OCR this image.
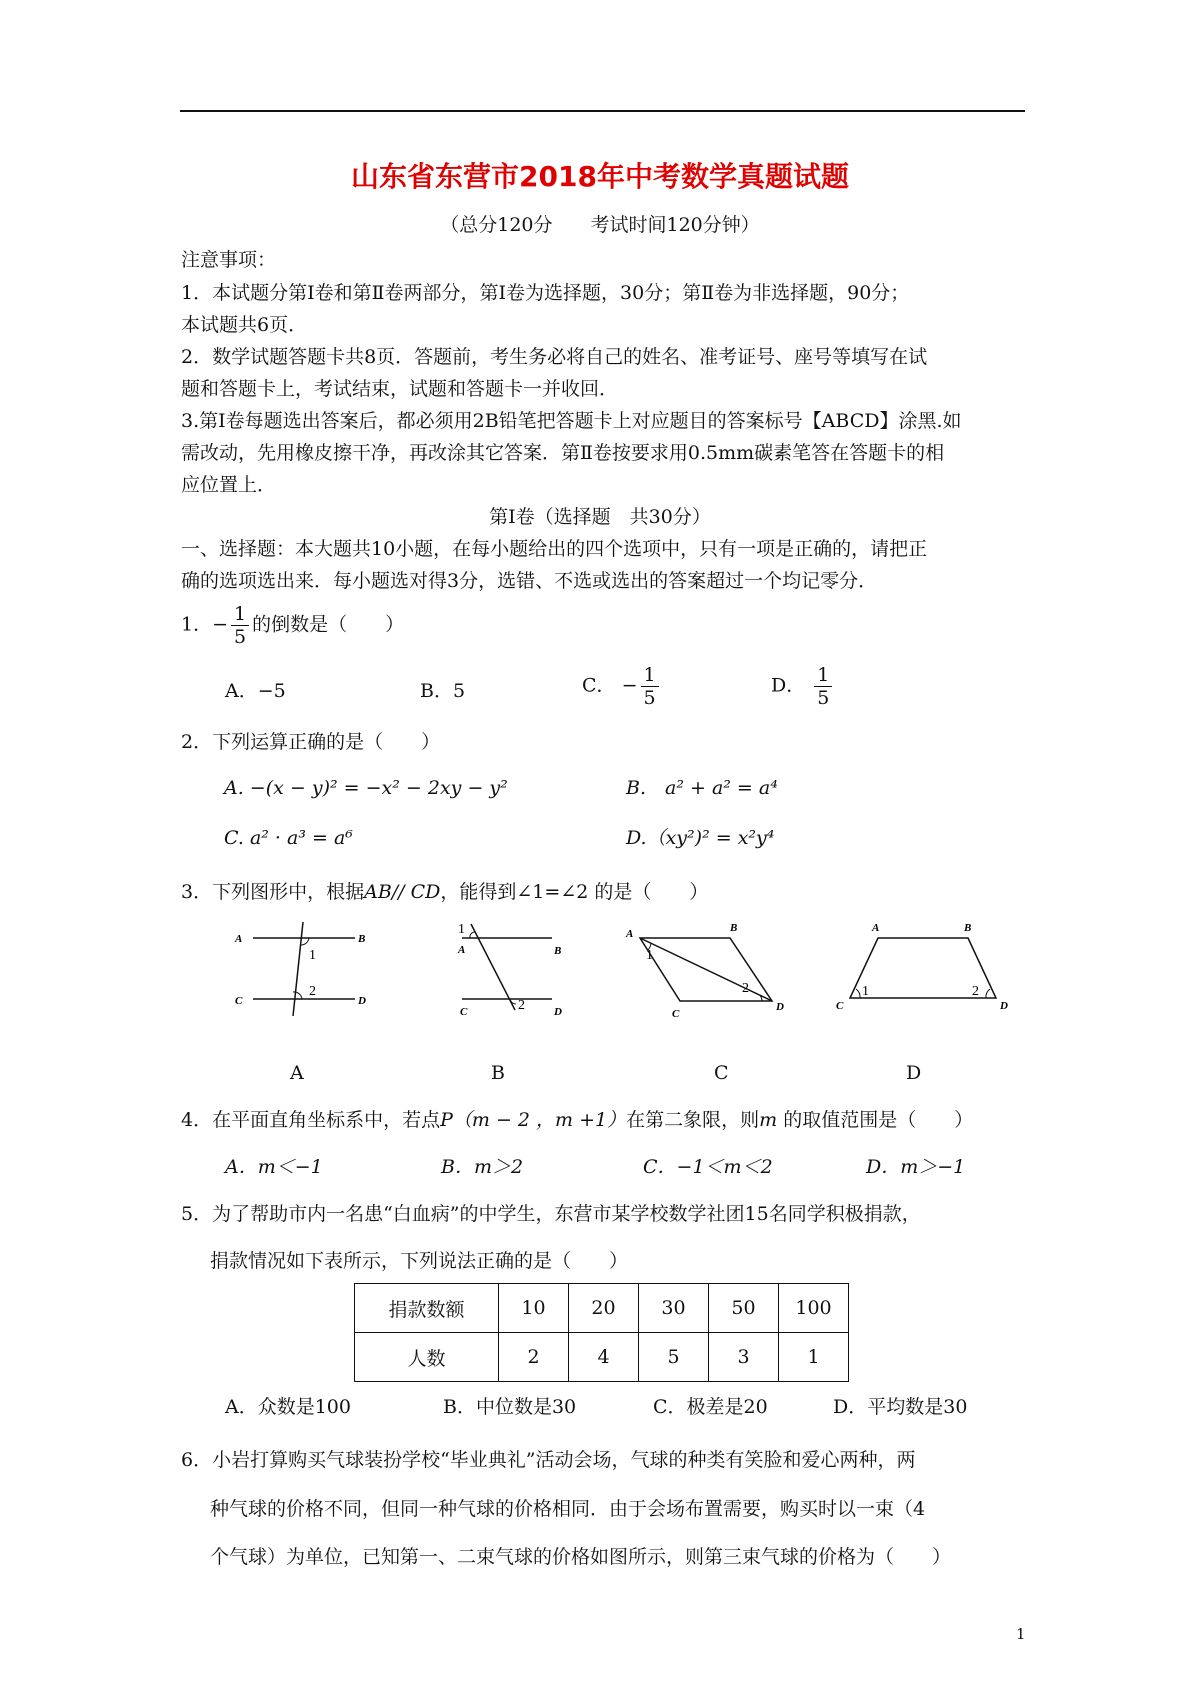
山东省东营市2018年中考数学真题试题
（总分120分　　考试时间120分钟）
注意事项：
1．本试题分第Ⅰ卷和第Ⅱ卷两部分，第Ⅰ卷为选择题，30分；第Ⅱ卷为非选择题，90分；
本试题共6页．
2．数学试题答题卡共8页．答题前，考生务必将自己的姓名、准考证号、座号等填写在试
题和答题卡上，考试结束，试题和答题卡一并收回．
3.第Ⅰ卷每题选出答案后，都必须用2B铅笔把答题卡上对应题目的答案标号【ABCD】涂黑.如
需改动，先用橡皮擦干净，再改涂其它答案．第Ⅱ卷按要求用0.5mm碳素笔答在答题卡的相
应位置上．
第Ⅰ卷（选择题　共30分）
一、选择题：本大题共10小题，在每小题给出的四个选项中，只有一项是正确的，请把正
确的选项选出来．每小题选对得3分，选错、不选或选出的答案超过一个均记零分．
1．− $\frac{1}{5}$ 的倒数是（　　）
A．−5	B．5	C． − $\frac{1}{5}$	D． $\frac{1}{5}$
2．下列运算正确的是（　　）
A. −(x − y)² = −x² − 2xy − y²	B.　a² + a² = a⁴
C. a² · a³ = a⁶	D.（xy²)² = x²y⁴
3．下列图形中，根据AB// CD，能得到∠1=∠2 的是（　　）
A	B
C	D
1
2
1
A	B
C	2	D
A	B
1
2
C
D
A	B
1	2
C	D
A	B	C	D
4．在平面直角坐标系中，若点P（m − 2 ，m +1）在第二象限，则m 的取值范围是（　　）
A．m＜−1	B．m＞2	C．−1＜m＜2	D．m＞−1
5．为了帮助市内一名患“白血病”的中学生，东营市某学校数学社团15名同学积极捐款，
捐款情况如下表所示，下列说法正确的是（　　）
捐款数额	10	20	30	50	100
人数	2	4	5	3	1
A．众数是100	B．中位数是30	C．极差是20	D．平均数是30
6．小岩打算购买气球装扮学校“毕业典礼”活动会场，气球的种类有笑脸和爱心两种，两
种气球的价格不同，但同一种气球的价格相同．由于会场布置需要，购买时以一束（4
个气球）为单位，已知第一、二束气球的价格如图所示，则第三束气球的价格为（　　）
1
